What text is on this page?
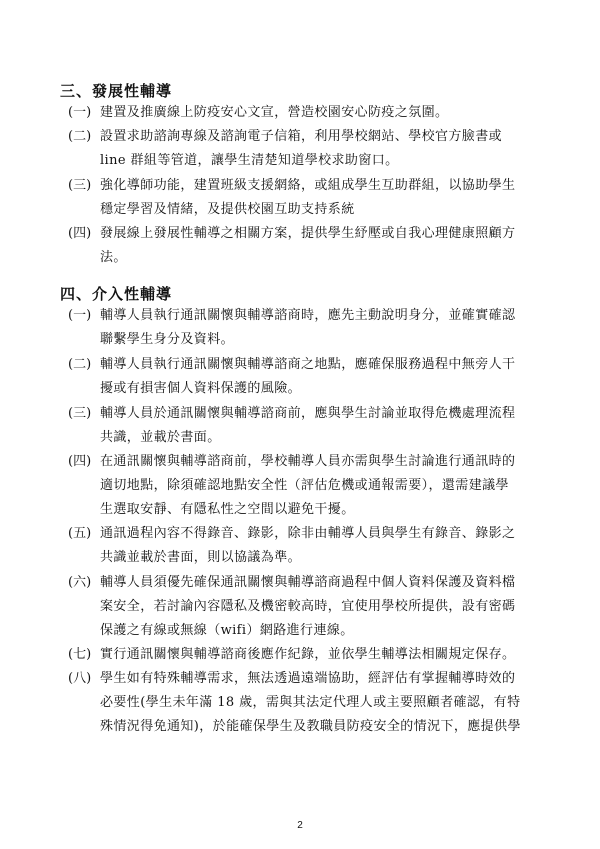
三、發展性輔導
(一) 建置及推廣線上防疫安心文宣，營造校園安心防疫之氛圍。
(二) 設置求助諮詢專線及諮詢電子信箱，利用學校網站、學校官方臉書或
line 群組等管道，讓學生清楚知道學校求助窗口。
(三) 強化導師功能，建置班級支援網絡，或組成學生互助群組，以協助學生
穩定學習及情緒，及提供校園互助支持系統
(四) 發展線上發展性輔導之相關方案，提供學生紓壓或自我心理健康照顧方
法。
四、介入性輔導
(一) 輔導人員執行通訊關懷與輔導諮商時，應先主動說明身分，並確實確認
聯繫學生身分及資料。
(二) 輔導人員執行通訊關懷與輔導諮商之地點，應確保服務過程中無旁人干
擾或有損害個人資料保護的風險。
(三) 輔導人員於通訊關懷與輔導諮商前，應與學生討論並取得危機處理流程
共識，並載於書面。
(四) 在通訊關懷與輔導諮商前，學校輔導人員亦需與學生討論進行通訊時的
適切地點，除須確認地點安全性（評估危機或通報需要），還需建議學
生選取安靜、有隱私性之空間以避免干擾。
(五) 通訊過程內容不得錄音、錄影，除非由輔導人員與學生有錄音、錄影之
共識並載於書面，則以協議為準。
(六) 輔導人員須優先確保通訊關懷與輔導諮商過程中個人資料保護及資料檔
案安全，若討論內容隱私及機密較高時，宜使用學校所提供，設有密碼
保護之有線或無線（wifi）網路進行連線。
(七) 實行通訊關懷與輔導諮商後應作紀錄，並依學生輔導法相關規定保存。
(八) 學生如有特殊輔導需求，無法透過遠端協助，經評估有掌握輔導時效的
必要性(學生未年滿 18 歲，需與其法定代理人或主要照顧者確認，有特
殊情況得免通知)，於能確保學生及教職員防疫安全的情況下，應提供學
2
